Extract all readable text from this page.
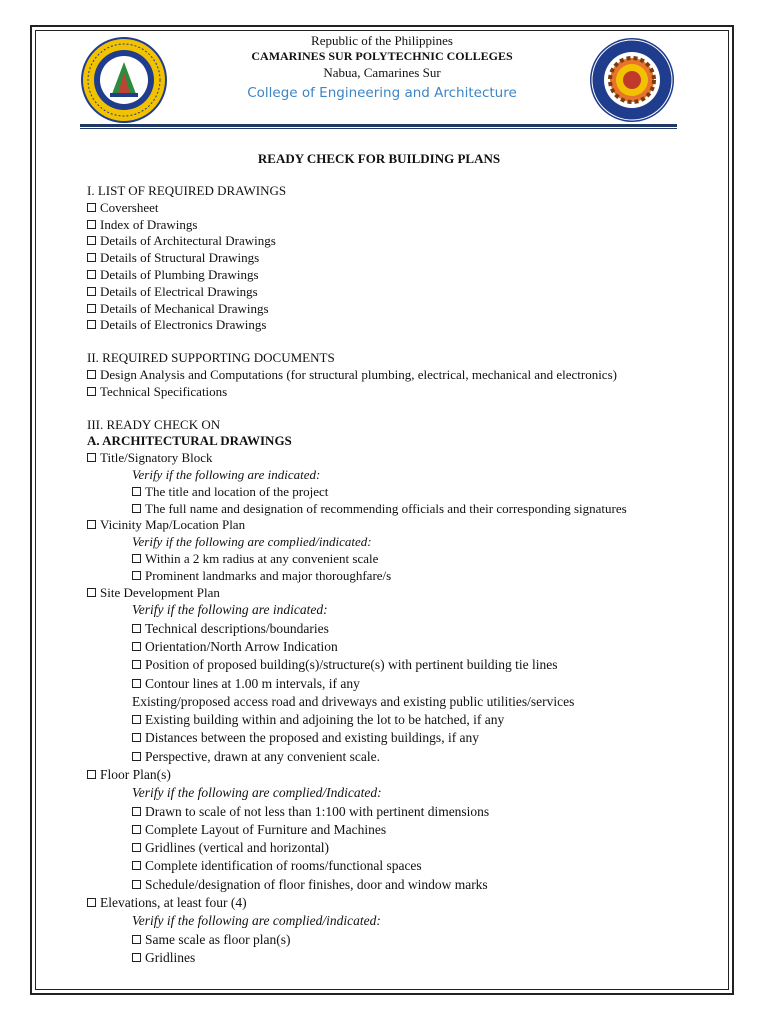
Republic of the Philippines
CAMARINES SUR POLYTECHNIC COLLEGES
Nabua, Camarines Sur
College of Engineering and Architecture
READY CHECK FOR BUILDING PLANS
I. LIST OF REQUIRED DRAWINGS
Coversheet
Index of Drawings
Details of Architectural Drawings
Details of Structural Drawings
Details of Plumbing Drawings
Details of Electrical Drawings
Details of Mechanical Drawings
Details of Electronics Drawings
II. REQUIRED SUPPORTING DOCUMENTS
Design Analysis and Computations (for structural plumbing, electrical, mechanical and electronics)
Technical Specifications
III. READY CHECK ON
A. ARCHITECTURAL DRAWINGS
Title/Signatory Block
Verify if the following are indicated:
The title and location of the project
The full name and designation of recommending officials and their corresponding signatures
Vicinity Map/Location Plan
Verify if the following are complied/indicated:
Within a 2 km radius at any convenient scale
Prominent landmarks and major thoroughfare/s
Site Development Plan
Verify if the following are indicated:
Technical descriptions/boundaries
Orientation/North Arrow Indication
Position of proposed building(s)/structure(s) with pertinent building tie lines
Contour lines at 1.00 m intervals, if any
Existing/proposed access road and driveways and existing public utilities/services
Existing building within and adjoining the lot to be hatched, if any
Distances between the proposed and existing buildings, if any
Perspective, drawn at any convenient scale.
Floor Plan(s)
Verify if the following are complied/Indicated:
Drawn to scale of not less than 1:100 with pertinent dimensions
Complete Layout of Furniture and Machines
Gridlines (vertical and horizontal)
Complete identification of rooms/functional spaces
Schedule/designation of floor finishes, door and window marks
Elevations, at least four (4)
Verify if the following are complied/indicated:
Same scale as floor plan(s)
Gridlines
